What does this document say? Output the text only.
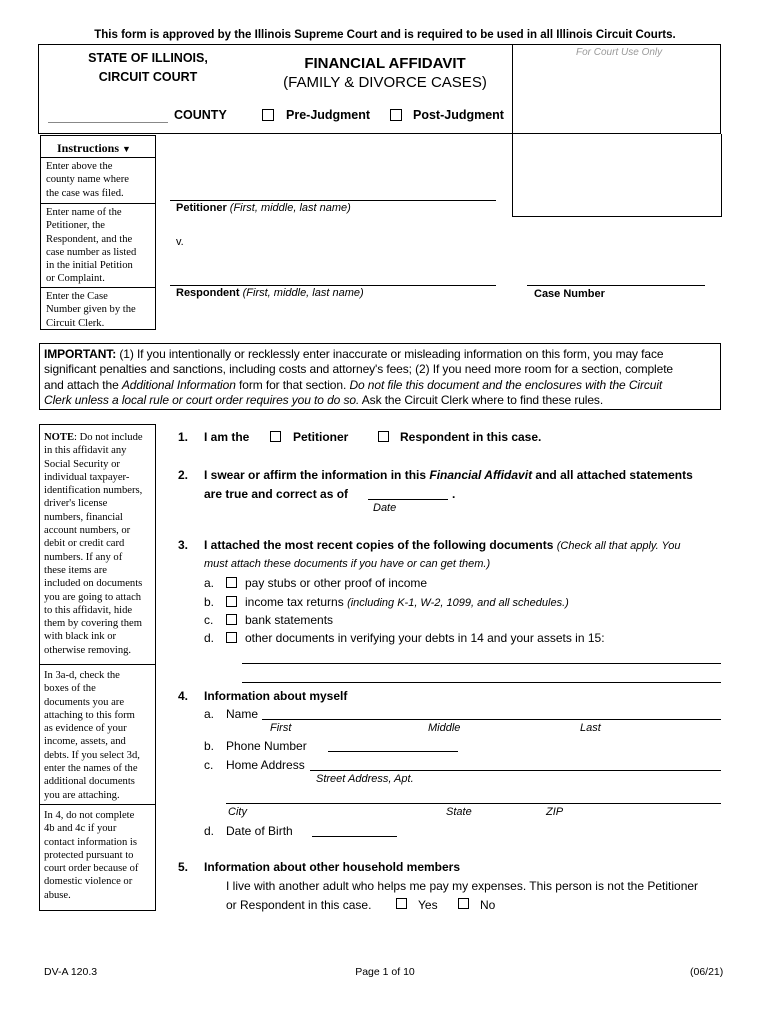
This form is approved by the Illinois Supreme Court and is required to be used in all Illinois Circuit Courts.
STATE OF ILLINOIS,
CIRCUIT COURT
COUNTY
FINANCIAL AFFIDAVIT
(FAMILY & DIVORCE CASES)
Pre-Judgment	Post-Judgment
For Court Use Only
Instructions ▼
Enter above the
county name where
the case was filed.
Enter name of the
Petitioner, the
Respondent, and the
case number as listed
in the initial Petition
or Complaint.
Enter the Case
Number given by the
Circuit Clerk.
Petitioner (First, middle, last name)
v.
Respondent (First, middle, last name)	Case Number
IMPORTANT: (1) If you intentionally or recklessly enter inaccurate or misleading information on this form, you may face
significant penalties and sanctions, including costs and attorney's fees; (2) If you need more room for a section, complete
and attach the Additional Information form for that section. Do not file this document and the enclosures with the Circuit
Clerk unless a local rule or court order requires you to do so. Ask the Circuit Clerk where to find these rules.
NOTE: Do not include
in this affidavit any
Social Security or
individual taxpayer-
identification numbers,
driver's license
numbers, financial
account numbers, or
debit or credit card
numbers. If any of
these items are
included on documents
you are going to attach
to this affidavit, hide
them by covering them
with black ink or
otherwise removing.
In 3a-d, check the
boxes of the
documents you are
attaching to this form
as evidence of your
income, assets, and
debts. If you select 3d,
enter the names of the
additional documents
you are attaching.
In 4, do not complete
4b and 4c if your
contact information is
protected pursuant to
court order because of
domestic violence or
abuse.
1. I am the	Petitioner	Respondent in this case.
2. I swear or affirm the information in this Financial Affidavit and all attached statements
are true and correct as of	.
Date
3. I attached the most recent copies of the following documents (Check all that apply. You
must attach these documents if you have or can get them.)
a.	pay stubs or other proof of income
b.	income tax returns (including K-1, W-2, 1099, and all schedules.)
c.	bank statements
d.	other documents in verifying your debts in 14 and your assets in 15:
4. Information about myself
a. Name
First	Middle	Last
b. Phone Number
c. Home Address
Street Address, Apt.
City	State	ZIP
d. Date of Birth
5. Information about other household members
I live with another adult who helps me pay my expenses. This person is not the Petitioner
or Respondent in this case.	Yes	No
DV-A 120.3	Page 1 of 10	(06/21)
